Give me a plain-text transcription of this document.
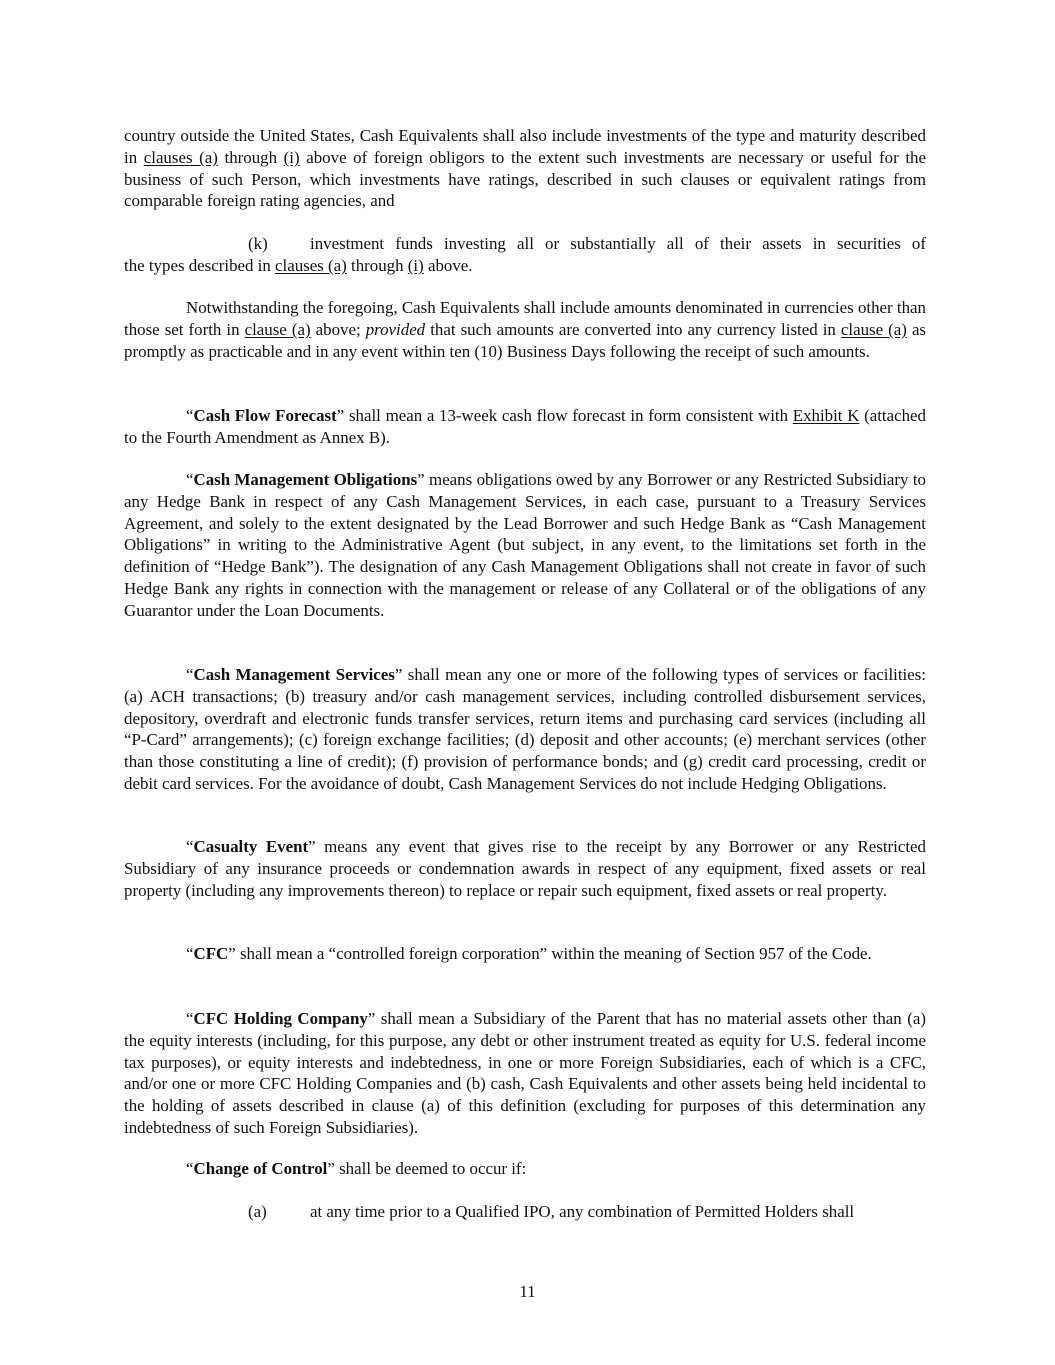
country outside the United States, Cash Equivalents shall also include investments of the type and maturity described in clauses (a) through (i) above of foreign obligors to the extent such investments are necessary or useful for the business of such Person, which investments have ratings, described in such clauses or equivalent ratings from comparable foreign rating agencies, and

(k)	investment funds investing all or substantially all of their assets in securities of

the types described in clauses (a) through (i) above.

Notwithstanding the foregoing, Cash Equivalents shall include amounts denominated in currencies other than those set forth in clause (a) above; provided that such amounts are converted into any currency listed in clause (a) as promptly as practicable and in any event within ten (10) Business Days following the receipt of such amounts.

“Cash Flow Forecast” shall mean a 13-week cash flow forecast in form consistent with Exhibit K (attached to the Fourth Amendment as Annex B).

“Cash Management Obligations” means obligations owed by any Borrower or any Restricted Subsidiary to any Hedge Bank in respect of any Cash Management Services, in each case, pursuant to a Treasury Services Agreement, and solely to the extent designated by the Lead Borrower and such Hedge Bank as “Cash Management Obligations” in writing to the Administrative Agent (but subject, in any event, to the limitations set forth in the definition of “Hedge Bank”). The designation of any Cash Management Obligations shall not create in favor of such Hedge Bank any rights in connection with the management or release of any Collateral or of the obligations of any Guarantor under the Loan Documents.

“Cash Management Services” shall mean any one or more of the following types of services or facilities: (a) ACH transactions; (b) treasury and/or cash management services, including controlled disbursement services, depository, overdraft and electronic funds transfer services, return items and purchasing card services (including all “P-Card” arrangements); (c) foreign exchange facilities; (d) deposit and other accounts; (e) merchant services (other than those constituting a line of credit); (f) provision of performance bonds; and (g) credit card processing, credit or debit card services. For the avoidance of doubt, Cash Management Services do not include Hedging Obligations.

“Casualty Event” means any event that gives rise to the receipt by any Borrower or any Restricted Subsidiary of any insurance proceeds or condemnation awards in respect of any equipment, fixed assets or real property (including any improvements thereon) to replace or repair such equipment, fixed assets or real property.

“CFC” shall mean a “controlled foreign corporation” within the meaning of Section 957 of the Code.

“CFC Holding Company” shall mean a Subsidiary of the Parent that has no material assets other than (a) the equity interests (including, for this purpose, any debt or other instrument treated as equity for U.S. federal income tax purposes), or equity interests and indebtedness, in one or more Foreign Subsidiaries, each of which is a CFC, and/or one or more CFC Holding Companies and (b) cash, Cash Equivalents and other assets being held incidental to the holding of assets described in clause (a) of this definition (excluding for purposes of this determination any indebtedness of such Foreign Subsidiaries).

“Change of Control” shall be deemed to occur if:

(a)	at any time prior to a Qualified IPO, any combination of Permitted Holders shall
11
